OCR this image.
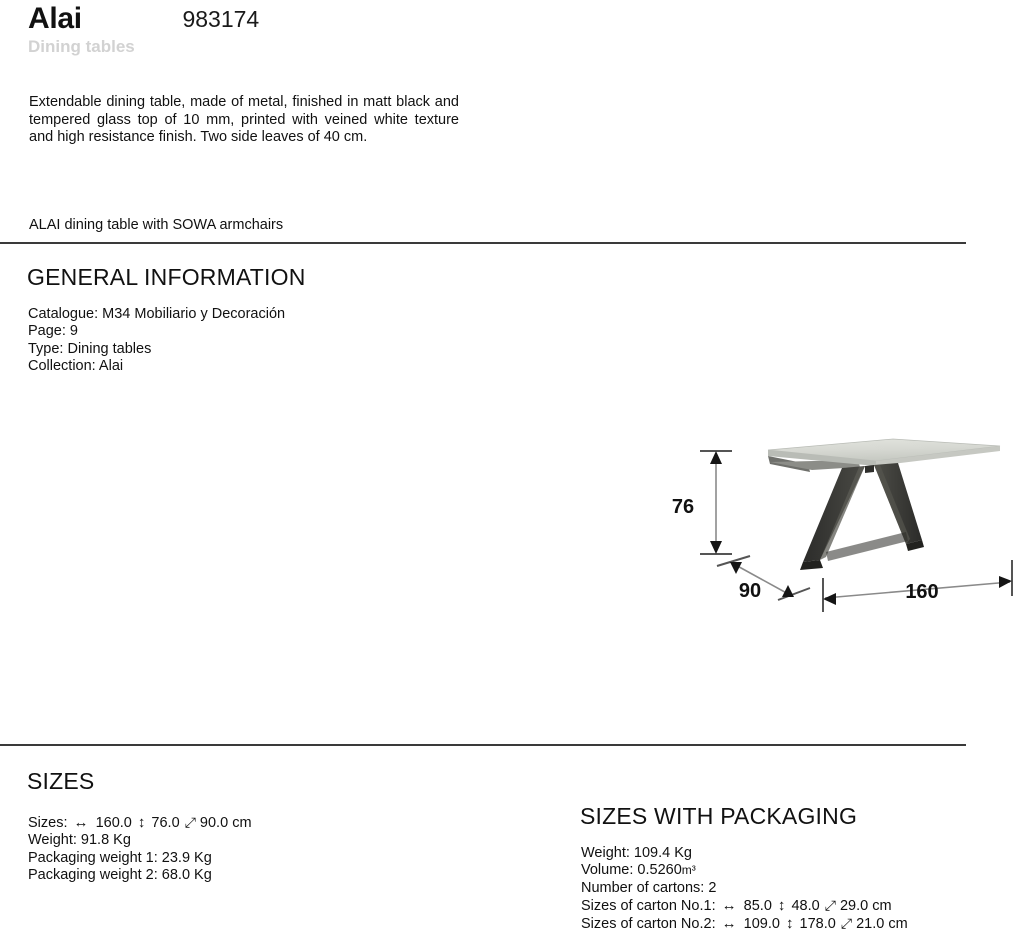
Alai	983174
Dining tables
Extendable dining table, made of metal, finished in matt black and tempered glass top of 10 mm, printed with veined white texture and high resistance finish. Two side leaves of 40 cm.
ALAI dining table with SOWA armchairs
GENERAL INFORMATION
Catalogue: M34 Mobiliario y Decoración
Page: 9
Type: Dining tables
Collection: Alai
76
90	160
SIZES
Sizes: ↔ 160.0 ↕ 76.0 ⤢ 90.0 cm
Weight: 91.8 Kg
Packaging weight 1: 23.9 Kg
Packaging weight 2: 68.0 Kg
SIZES WITH PACKAGING
Weight: 109.4 Kg
Volume: 0.5260m³
Number of cartons: 2
Sizes of carton No.1: ↔ 85.0 ↕ 48.0 ⤢ 29.0 cm
Sizes of carton No.2: ↔ 109.0 ↕ 178.0 ⤢ 21.0 cm
